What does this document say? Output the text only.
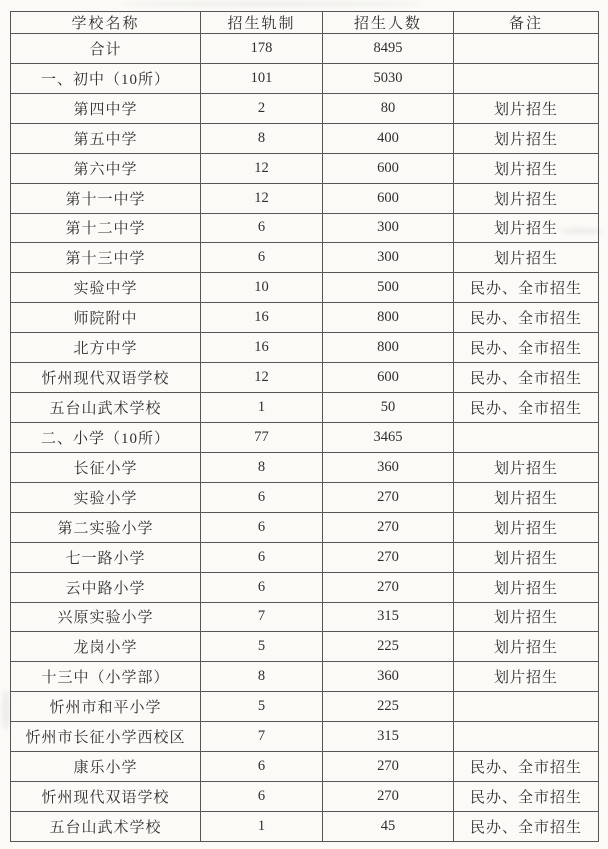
学校名称	招生轨制	招生人数	备注
合计	178	8495	
一、初中（10所）	101	5030	
第四中学	2	80	划片招生
第五中学	8	400	划片招生
第六中学	12	600	划片招生
第十一中学	12	600	划片招生
第十二中学	6	300	划片招生
第十三中学	6	300	划片招生
实验中学	10	500	民办、全市招生
师院附中	16	800	民办、全市招生
北方中学	16	800	民办、全市招生
忻州现代双语学校	12	600	民办、全市招生
五台山武术学校	1	50	民办、全市招生
二、小学（10所）	77	3465	
长征小学	8	360	划片招生
实验小学	6	270	划片招生
第二实验小学	6	270	划片招生
七一路小学	6	270	划片招生
云中路小学	6	270	划片招生
兴原实验小学	7	315	划片招生
龙岗小学	5	225	划片招生
十三中（小学部）	8	360	划片招生
忻州市和平小学	5	225	
忻州市长征小学西校区	7	315	
康乐小学	6	270	民办、全市招生
忻州现代双语学校	6	270	民办、全市招生
五台山武术学校	1	45	民办、全市招生
